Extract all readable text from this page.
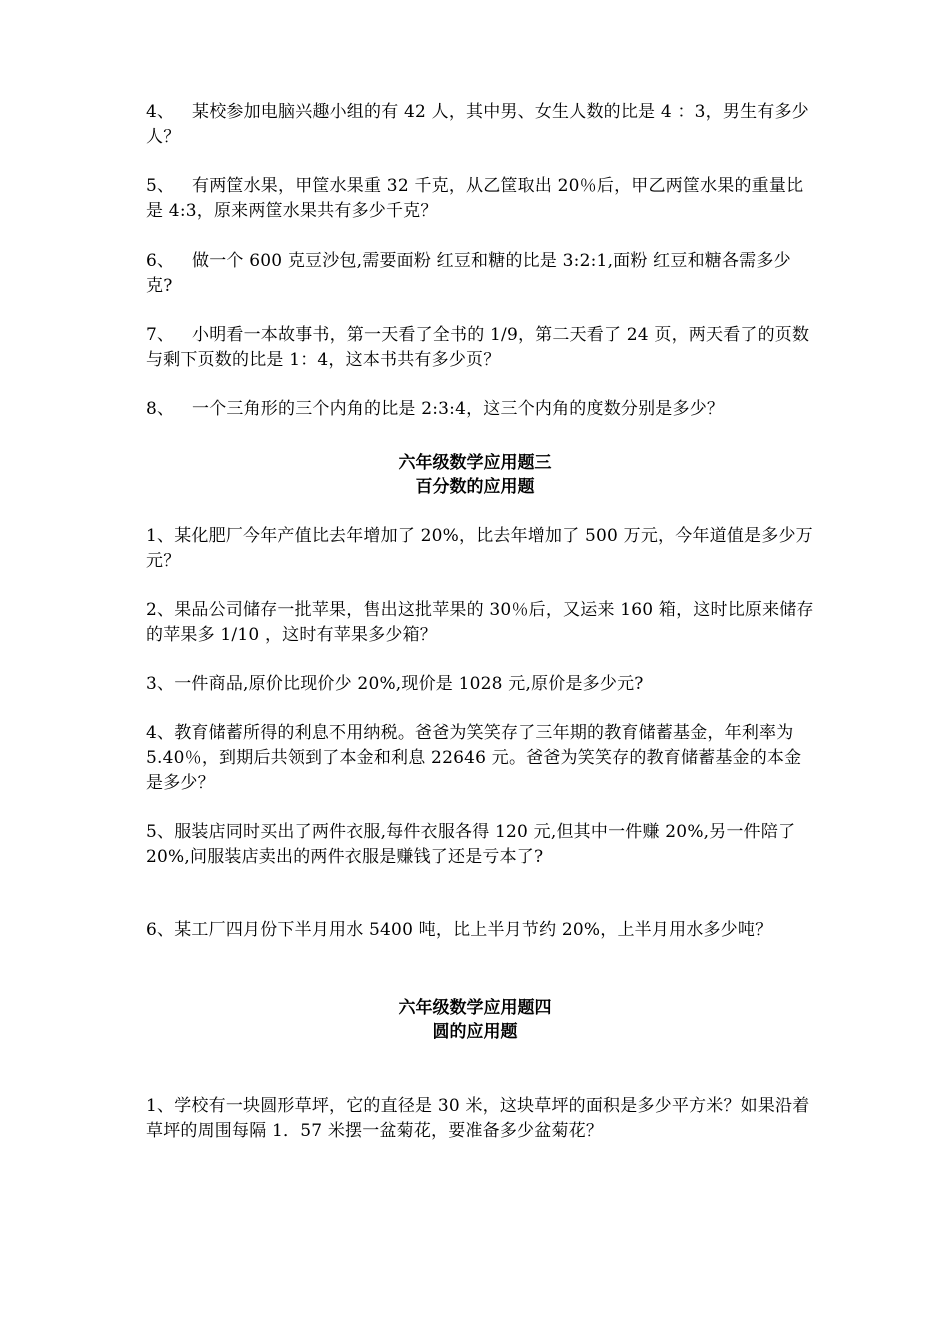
4、 某校参加电脑兴趣小组的有 42 人，其中男、女生人数的比是 4 ：3，男生有多少人？

5、 有两筐水果，甲筐水果重 32 千克，从乙筐取出 20％后，甲乙两筐水果的重量比是 4:3，原来两筐水果共有多少千克？

6、 做一个 600 克豆沙包,需要面粉 红豆和糖的比是 3:2:1,面粉 红豆和糖各需多少克?

7、 小明看一本故事书，第一天看了全书的 1/9，第二天看了 24 页，两天看了的页数与剩下页数的比是 1：4，这本书共有多少页？

8、 一个三角形的三个内角的比是 2:3:4，这三个内角的度数分别是多少？

六年级数学应用题三

百分数的应用题

1、某化肥厂今年产值比去年增加了 20%，比去年增加了 500 万元，今年道值是多少万元？

2、果品公司储存一批苹果，售出这批苹果的 30％后，又运来 160 箱，这时比原来储存的苹果多 1/10 ，这时有苹果多少箱？

3、一件商品,原价比现价少 20%,现价是 1028 元,原价是多少元?

4、教育储蓄所得的利息不用纳税。爸爸为笑笑存了三年期的教育储蓄基金，年利率为 5.40％，到期后共领到了本金和利息 22646 元。爸爸为笑笑存的教育储蓄基金的本金是多少？

5、服装店同时买出了两件衣服,每件衣服各得 120 元,但其中一件赚 20%,另一件陪了 20%,问服装店卖出的两件衣服是赚钱了还是亏本了?

6、某工厂四月份下半月用水 5400 吨，比上半月节约 20%，上半月用水多少吨？

六年级数学应用题四

圆的应用题

1、学校有一块圆形草坪，它的直径是 30 米，这块草坪的面积是多少平方米？如果沿着草坪的周围每隔 1．57 米摆一盆菊花，要准备多少盆菊花？
